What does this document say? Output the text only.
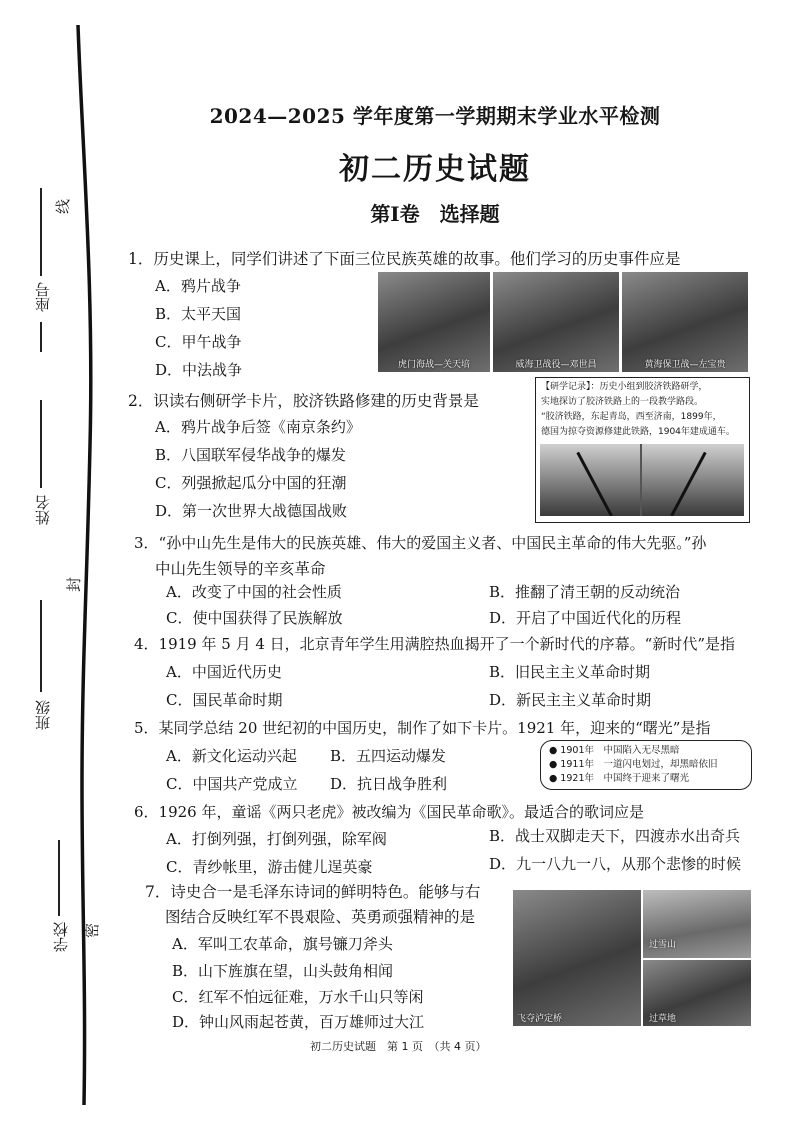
座号
姓名
班级
学校
线
封
密
2024—2025 学年度第一学期期末学业水平检测
初二历史试题
第Ⅰ卷　选择题
1．历史课上，同学们讲述了下面三位民族英雄的故事。他们学习的历史事件应是
A．鸦片战争
B．太平天国
C．甲午战争
D．中法战争	虎门海战—关天培	威海卫战役—邓世昌	黄海保卫战—左宝贵
2．识读右侧研学卡片，胶济铁路修建的历史背景是
A．鸦片战争后签《南京条约》
B．八国联军侵华战争的爆发
C．列强掀起瓜分中国的狂潮
D．第一次世界大战德国战败
【研学记录】：历史小组到胶济铁路研学，
实地探访了胶济铁路上的一段教学路段。
“胶济铁路，东起青岛，西至济南，1899年，
德国为掠夺资源修建此铁路，1904年建成通车。
3．“孙中山先生是伟大的民族英雄、伟大的爱国主义者、中国民主革命的伟大先驱。”孙
中山先生领导的辛亥革命
A．改变了中国的社会性质	B．推翻了清王朝的反动统治
C．使中国获得了民族解放	D．开启了中国近代化的历程
4．1919 年 5 月 4 日，北京青年学生用满腔热血揭开了一个新时代的序幕。“新时代”是指
A．中国近代历史	B．旧民主主义革命时期
C．国民革命时期	D．新民主主义革命时期
5．某同学总结 20 世纪初的中国历史，制作了如下卡片。1921 年，迎来的“曙光”是指
A．新文化运动兴起 B．五四运动爆发
C．中国共产党成立 D．抗日战争胜利
● 1901年　中国陷入无尽黑暗
● 1911年　一道闪电划过，却黑暗依旧
● 1921年　中国终于迎来了曙光
6．1926 年，童谣《两只老虎》被改编为《国民革命歌》。最适合的歌词应是
A．打倒列强，打倒列强，除军阀	B．战士双脚走天下，四渡赤水出奇兵
C．青纱帐里，游击健儿逞英豪	D．九一八九一八，从那个悲惨的时候
7．诗史合一是毛泽东诗词的鲜明特色。能够与右
图结合反映红军不畏艰险、英勇顽强精神的是
A．军叫工农革命，旗号镰刀斧头
B．山下旌旗在望，山头鼓角相闻
C．红军不怕远征难，万水千山只等闲
D．钟山风雨起苍黄，百万雄师过大江	飞夺泸定桥
过雪山
过草地
初二历史试题　第 1 页　（共 4 页）
